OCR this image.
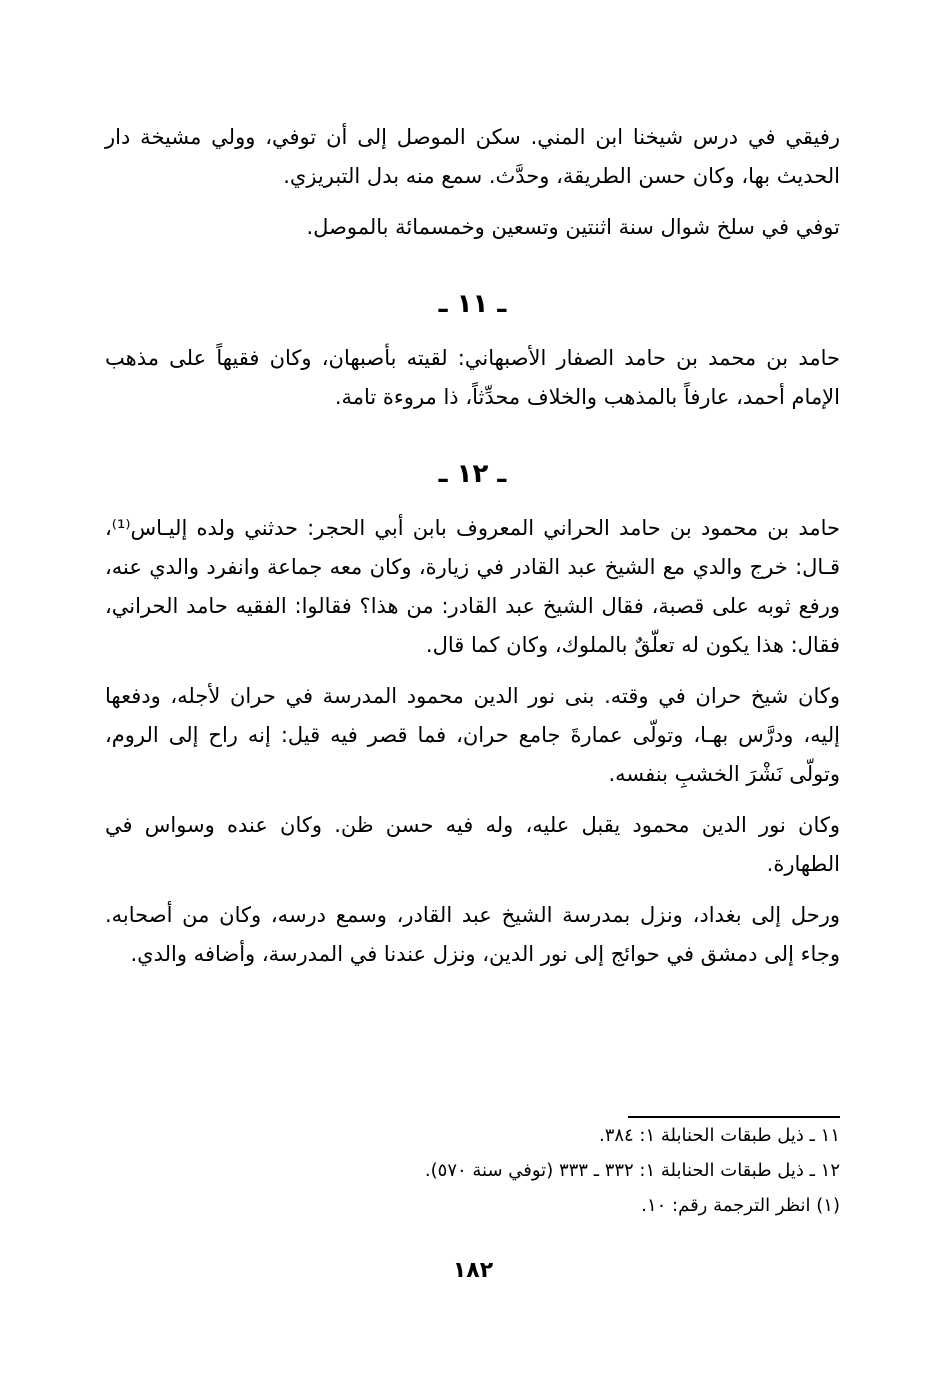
رفيقي في درس شيخنا ابن المني. سكن الموصل إلى أن توفي، وولي مشيخة دار الحديث بها، وكان حسن الطريقة، وحدَّث. سمع منه بدل التبريزي.

توفي في سلخ شوال سنة اثنتين وتسعين وخمسمائة بالموصل.

ـ ١١ ـ

حامد بن محمد بن حامد الصفار الأصبهاني: لقيته بأصبهان، وكان فقيهاً على مذهب الإمام أحمد، عارفاً بالمذهب والخلاف محدِّثاً، ذا مروءة تامة.

ـ ١٢ ـ

حامد بن محمود بن حامد الحراني المعروف بابن أبي الحجر: حدثني ولده إليـاس⁽¹⁾، قـال: خرج والدي مع الشيخ عبد القادر في زيارة، وكان معه جماعة وانفرد والدي عنه، ورفع ثوبه على قصبة، فقال الشيخ عبد القادر: من هذا؟ فقالوا: الفقيه حامد الحراني، فقال: هذا يكون له تعلّقٌ بالملوك، وكان كما قال.

وكان شيخ حران في وقته. بنى نور الدين محمود المدرسة في حران لأجله، ودفعها إليه، ودرَّس بهـا، وتولّى عمارةَ جامع حران، فما قصر فيه قيل: إنه راح إلى الروم، وتولّى نَشْرَ الخشبِ بنفسه.

وكان نور الدين محمود يقبل عليه، وله فيه حسن ظن. وكان عنده وسواس في الطهارة.

ورحل إلى بغداد، ونزل بمدرسة الشيخ عبد القادر، وسمع درسه، وكان من أصحابه. وجاء إلى دمشق في حوائج إلى نور الدين، ونزل عندنا في المدرسة، وأضافه والدي.

١١ ـ ذيل طبقات الحنابلة ١: ٣٨٤.
١٢ ـ ذيل طبقات الحنابلة ١: ٣٣٢ ـ ٣٣٣ (توفي سنة ٥٧٠).
(١) انظر الترجمة رقم: ١٠.
١٨٢
